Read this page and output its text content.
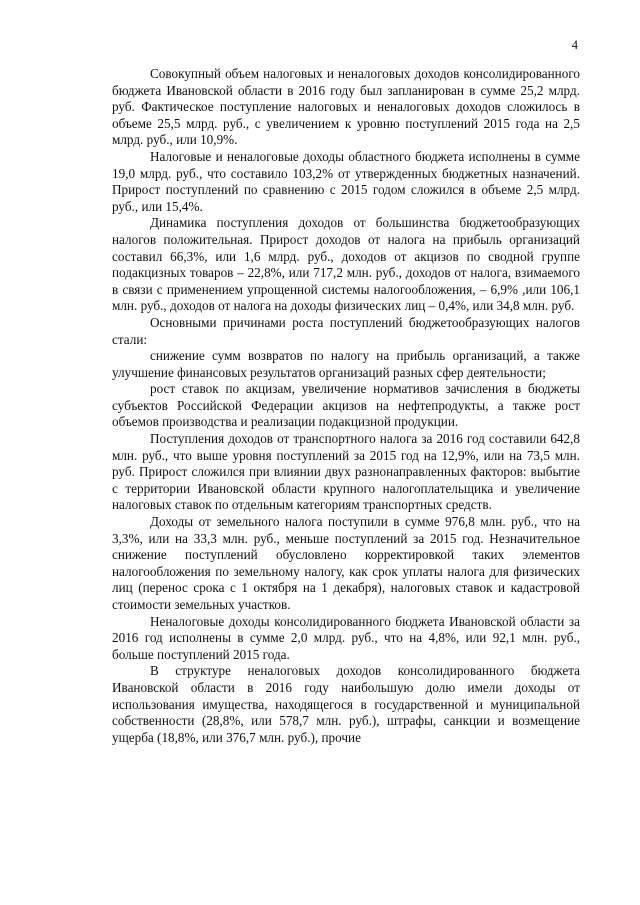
4

Совокупный объем налоговых и неналоговых доходов консолидированного бюджета Ивановской области в 2016 году был запланирован в сумме 25,2 млрд. руб. Фактическое поступление налоговых и неналоговых доходов сложилось в объеме 25,5 млрд. руб., с увеличением к уровню поступлений 2015 года на 2,5 млрд. руб., или 10,9%.

Налоговые и неналоговые доходы областного бюджета исполнены в сумме 19,0 млрд. руб., что составило 103,2% от утвержденных бюджетных назначений. Прирост поступлений по сравнению с 2015 годом сложился в объеме 2,5 млрд. руб., или 15,4%.

Динамика поступления доходов от большинства бюджетообразующих налогов положительная. Прирост доходов от налога на прибыль организаций составил 66,3%, или 1,6 млрд. руб., доходов от акцизов по сводной группе подакцизных товаров – 22,8%, или 717,2 млн. руб., доходов от налога, взимаемого в связи с применением упрощенной системы налогообложения, – 6,9% ,или 106,1 млн. руб., доходов от налога на доходы физических лиц – 0,4%, или 34,8 млн. руб.

Основными причинами роста поступлений бюджетообразующих налогов стали:

снижение сумм возвратов по налогу на прибыль организаций, а также улучшение финансовых результатов организаций разных сфер деятельности;

рост ставок по акцизам, увеличение нормативов зачисления в бюджеты субъектов Российской Федерации акцизов на нефтепродукты, а также рост объемов производства и реализации подакцизной продукции.

Поступления доходов от транспортного налога за 2016 год составили 642,8 млн. руб., что выше уровня поступлений за 2015 год на 12,9%, или на 73,5 млн. руб. Прирост сложился при влиянии двух разнонаправленных факторов: выбытие с территории Ивановской области крупного налогоплательщика и увеличение налоговых ставок по отдельным категориям транспортных средств.

Доходы от земельного налога поступили в сумме 976,8 млн. руб., что на 3,3%, или на 33,3 млн. руб., меньше поступлений за 2015 год. Незначительное снижение поступлений обусловлено корректировкой таких элементов налогообложения по земельному налогу, как срок уплаты налога для физических лиц (перенос срока с 1 октября на 1 декабря), налоговых ставок и кадастровой стоимости земельных участков.

Неналоговые доходы консолидированного бюджета Ивановской области за 2016 год исполнены в сумме 2,0 млрд. руб., что на 4,8%, или 92,1 млн. руб., больше поступлений 2015 года.

В структуре неналоговых доходов консолидированного бюджета Ивановской области в 2016 году наибольшую долю имели доходы от использования имущества, находящегося в государственной и муниципальной собственности (28,8%, или 578,7 млн. руб.), штрафы, санкции и возмещение ущерба (18,8%, или 376,7 млн. руб.), прочие
